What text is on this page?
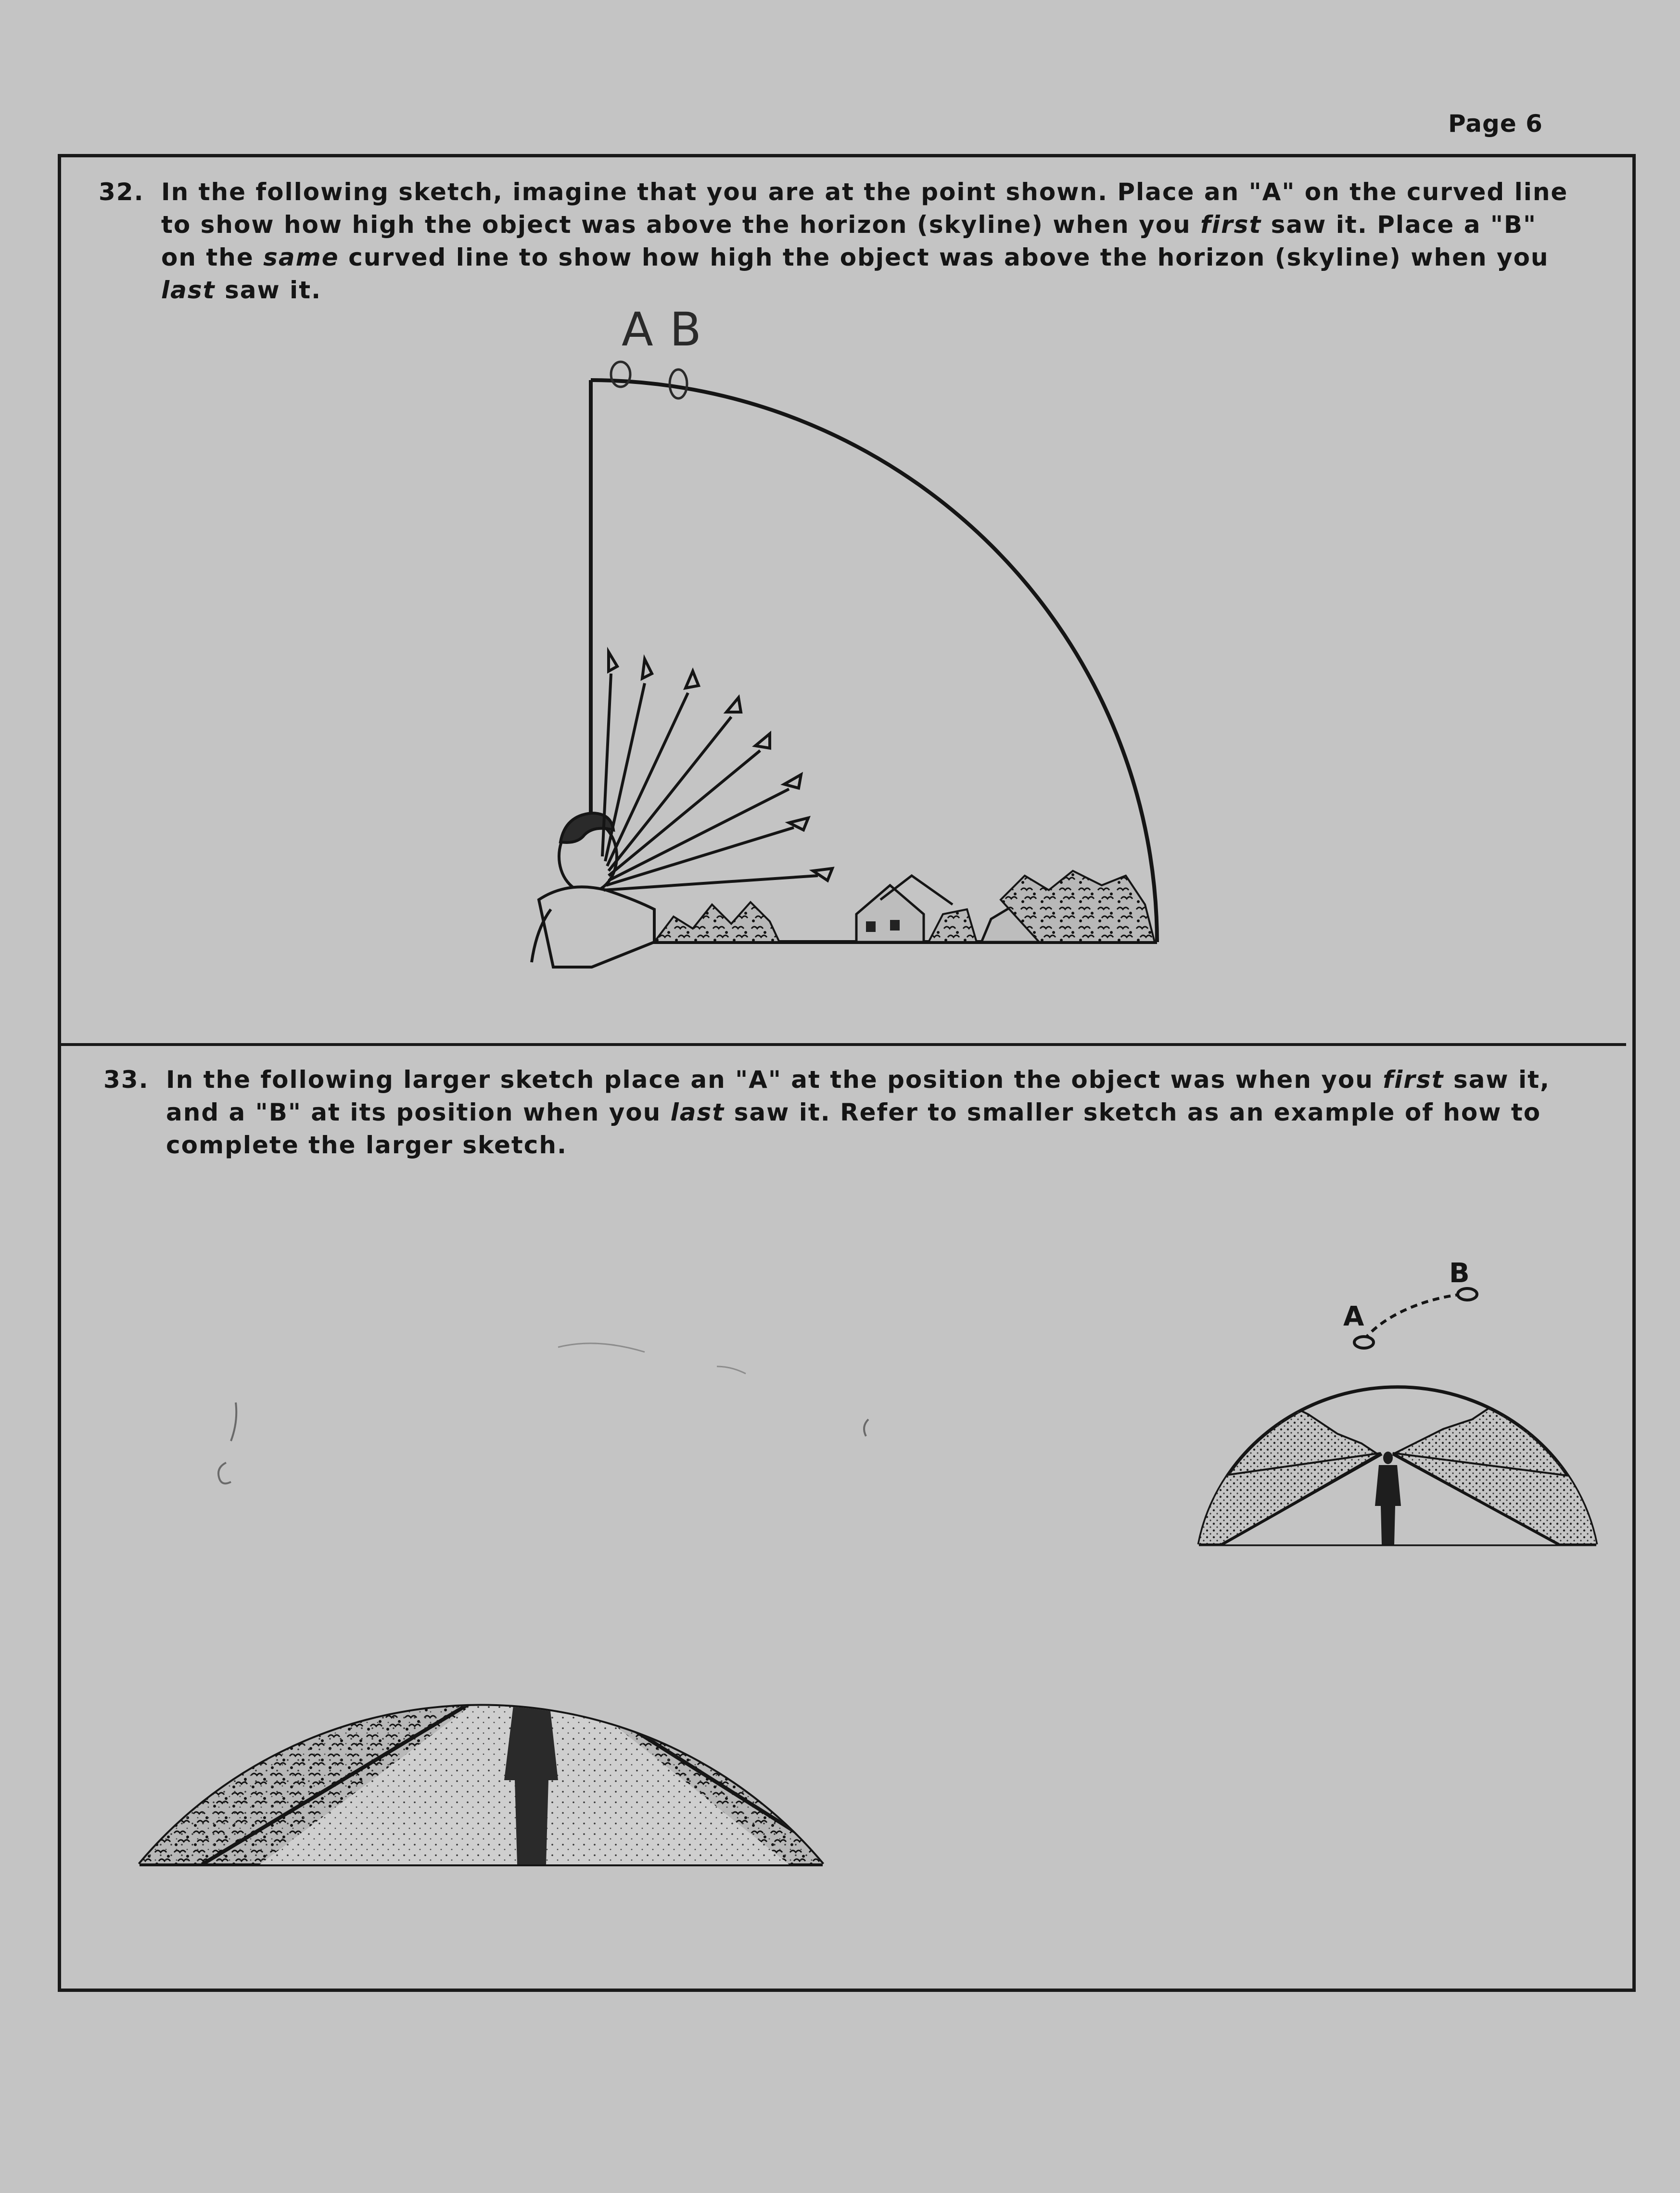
Page 6
32. In the following sketch, imagine that you are at the point shown. Place an "A" on the curved line to show how high the object was above the horizon (skyline) when you first saw it. Place a "B" on the same curved line to show how high the object was above the horizon (skyline) when you last saw it.
33. In the following larger sketch place an "A" at the position the object was when you first saw it, and a "B" at its position when you last saw it. Refer to smaller sketch as an example of how to complete the larger sketch.
A B
A
B
